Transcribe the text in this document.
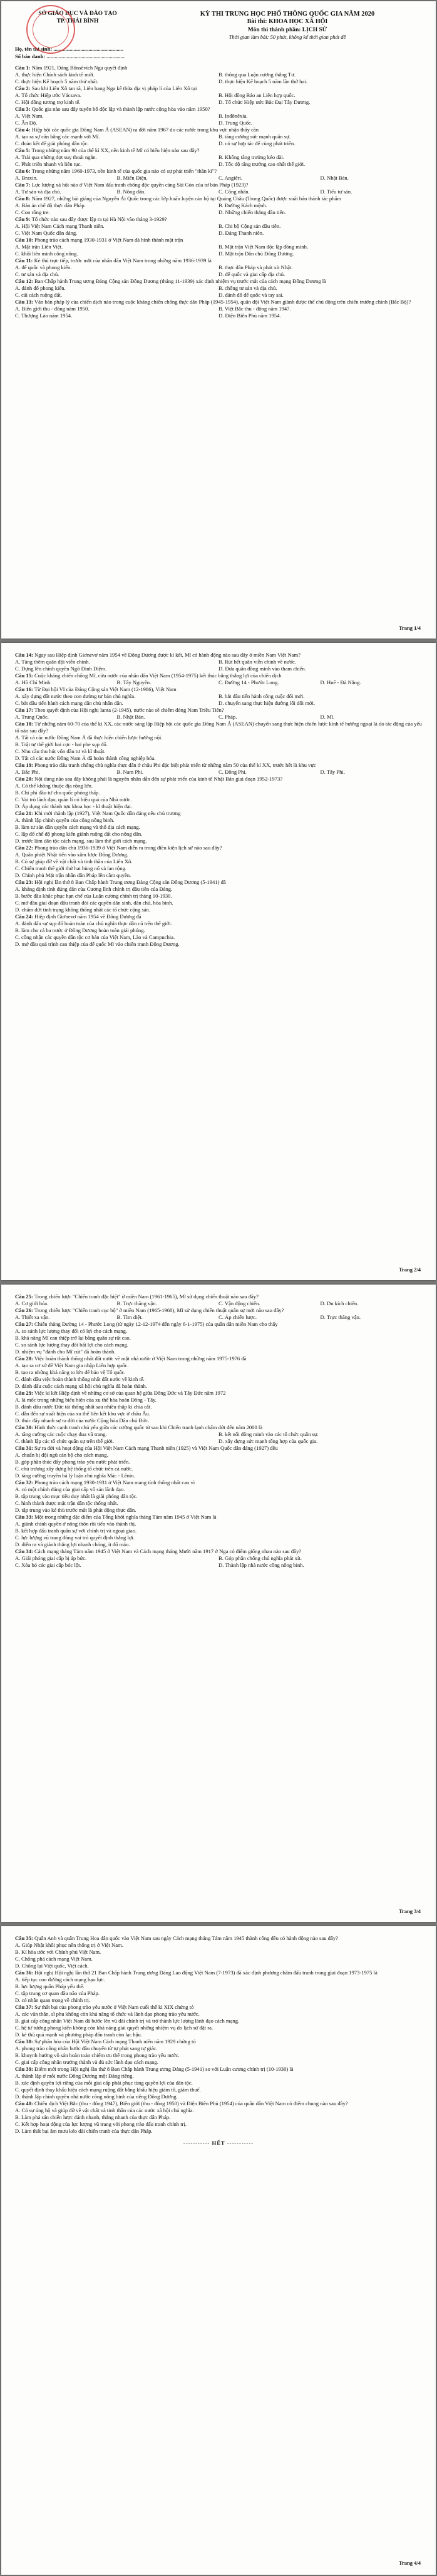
SỞ GIÁO DỤC VÀ ĐÀO TẠO
TP. THÁI BÌNH
KỲ THI TRUNG HỌC PHỔ THÔNG QUỐC GIA NĂM 2020
Bài thi: KHOA HỌC XÃ HỘI
Môn thi thành phần: LỊCH SỬ
Thời gian làm bài: 50 phút, không kể thời gian phát đề
Họ, tên thí sinh: ....................................................
Số báo danh: ..........................................................
Câu 1: Năm 1921, Đảng Bônsêvích Nga quyết định
A. thực hiện Chính sách kinh tế mới.	B. thông qua Luận cương thắng Tư.
C. thực hiện Kế hoạch 5 năm thứ nhất.	D. thực hiện Kế hoạch 5 năm lần thứ hai.
Câu 2: Sau khi Liên Xô tan rã, Liên bang Nga kế thừa địa vị pháp lí của Liên Xô tại
A. Tổ chức Hiệp ước Vácsava.	B. Hội đồng Bảo an Liên hợp quốc.
C. Hội đồng tương trợ kinh tế.	D. Tổ chức Hiệp ước Bắc Đại Tây Dương.
Câu 3: Quốc gia nào sau đây tuyên bố độc lập và thành lập nước cộng hòa vào năm 1950?
A. Việt Nam.	B. Inđônêxia.
C. Ấn Độ.	D. Trung Quốc.
Câu 4: Hiệp hội các quốc gia Đông Nam Á (ASEAN) ra đời năm 1967 do các nước trong khu vực nhận thấy cần
A. tạo ra sự cân bằng các mạnh với Mĩ.	B. tăng cường sức mạnh quân sự.
C. đoàn kết để giải phóng dân tộc.	D. có sự hợp tác để cùng phát triển.
Câu 5: Trong những năm 90 của thế kỉ XX, nền kinh tế Mĩ có biểu hiện nào sau đây?
A. Trải qua những đợt suy thoái ngắn.	B. Không tăng trưởng kéo dài.
C. Phát triển nhanh và liên tục.	D. Tốc độ tăng trưởng cao nhất thế giới.
Câu 6: Trong những năm 1960-1973, nền kinh tế của quốc gia nào có sự phát triển "thần kì"?
A. Braxin.	B. Miến Điện.	C. Angiêri.	D. Nhật Bản.
Câu 7: Lực lượng xã hội nào ở Việt Nam đấu tranh chống độc quyền cảng Sài Gòn của tư bản Pháp (1923)?
A. Tư sản và địa chủ.	B. Nông dân.	C. Công nhân.	D. Tiểu tư sản.
Câu 8: Năm 1927, những bài giảng của Nguyễn Ái Quốc trong các lớp huấn luyện cán bộ tại Quảng Châu (Trung Quốc) được xuất bản thành tác phẩm
A. Bản án chế độ thực dân Pháp.	B. Đường Kách mệnh.
C. Con rồng tre.	D. Những chiến thắng đầu tiên.
Câu 9: Tổ chức nào sau đây được lập ra tại Hà Nội vào tháng 3-1929?
A. Hội Việt Nam Cách mạng Thanh niên.	B. Chi bộ Cộng sản đầu tiên.
C. Việt Nam Quốc dân đảng.	D. Đảng Thanh niên.
Câu 10: Phong trào cách mạng 1930-1931 ở Việt Nam đã hình thành mặt trận
A. Mặt trận Liên Việt.	B. Mặt trận Việt Nam độc lập đồng minh.
C. khối liên minh công nông.	D. Mặt trận Dân chủ Đông Dương.
Câu 11: Kẻ thù trực tiếp, trước mắt của nhân dân Việt Nam trong những năm 1936-1939 là
A. đế quốc và phong kiến.	B. thực dân Pháp và phát xít Nhật.
C. tư sản và địa chủ.	D. đế quốc và giai cấp địa chủ.
Câu 12: Ban Chấp hành Trung ương Đảng Cộng sản Đông Dương (tháng 11-1939) xác định nhiệm vụ trước mắt của cách mạng Đông Dương là
A. đánh đổ phong kiến.	B. chống tư sản và địa chủ.
C. cải cách ruộng đất.	D. đánh đổ đế quốc và tay sai.
Câu 13: Văn bản pháp lý của chiến dịch nào trong cuộc kháng chiến chống thực dân Pháp (1945-1954), quân đội Việt Nam giành được thế chủ động trên chiến trường chính (Bắc Bộ)?
A. Biên giới thu - đông năm 1950.	B. Việt Bắc thu - đông năm 1947.
C. Thượng Lào năm 1954.	D. Điện Biên Phủ năm 1954.
Trang 1/4
Câu 14: Ngay sau Hiệp định Giơnevơ năm 1954 về Đông Dương được kí kết, Mĩ có hành động nào sau đây ở miền Nam Việt Nam?
A. Tăng thêm quân đội viễn chinh.	B. Rút hết quân viễn chinh về nước.
C. Dựng lên chính quyền Ngô Đình Diệm.	D. Đưa quân đồng minh vào tham chiến.
Câu 15: Cuộc kháng chiến chống Mĩ, cứu nước của nhân dân Việt Nam (1954-1975) kết thúc bằng thắng lợi của chiến dịch
A. Hồ Chí Minh.	B. Tây Nguyên.	C. Đường 14 - Phước Long.	D. Huế - Đà Nẵng.
Câu 16: Từ Đại hội VI của Đảng Cộng sản Việt Nam (12-1986), Việt Nam
A. xây dựng đất nước theo con đường tư bản chủ nghĩa.	B. bắt đầu tiến hành công cuộc đổi mới.
C. bắt đầu tiến hành cách mạng dân chủ nhân dân.	D. chuyển sang thực hiện đường lối đối mới.
Câu 17: Theo quyết định của Hội nghị Ianta (2-1945), nước nào sẽ chiếm đóng Nam Triều Tiên?
A. Trung Quốc.	B. Nhật Bản.	C. Pháp.	D. Mĩ.
Câu 18: Từ những năm 60-70 của thế kỉ XX, các nước sáng lập Hiệp hội các quốc gia Đông Nam Á (ASEAN) chuyển sang thực hiện chiến lược kinh tế hướng ngoại là do tác động của yếu tố nào sau đây?
A. Tất cả các nước Đông Nam Á đã thực hiện chiến lược hướng nội.
B. Trật tự thế giới hai cực - hai phe sụp đổ.
C. Nhu cầu thu hút vốn đầu tư và kĩ thuật.
D. Tất cả các nước Đông Nam Á đã hoàn thành công nghiệp hóa.
Câu 19: Phong trào đấu tranh chống chủ nghĩa thực dân ở châu Phi đặc biệt phát triển từ những năm 50 của thế kỉ XX, trước hết là khu vực
A. Bắc Phi.	B. Nam Phi.	C. Đông Phi.	D. Tây Phi.
Câu 20: Nội dung nào sau đây không phải là nguyên nhân dẫn đến sự phát triển của kinh tế Nhật Bản giai đoạn 1952-1973?
A. Có thể không thuộc địa rộng lớn.
B. Chi phí đầu tư cho quốc phòng thấp.
C. Vai trò lãnh đạo, quản lí có hiệu quả của Nhà nước.
D. Áp dụng các thành tựu khoa học - kĩ thuật hiện đại.
Câu 21: Khi mới thành lập (1927), Việt Nam Quốc dân đảng nêu chủ trương
A. thành lập chính quyền của công nông binh.
B. làm tư sản dân quyền cách mạng và thổ địa cách mạng.
C. lập đổ chế độ phong kiến giành ruộng đất cho nông dân.
D. trước làm dân tộc cách mạng, sau làm thế giới cách mạng.
Câu 22: Phong trào dân chủ 1936-1939 ở Việt Nam diễn ra trong điều kiện lịch sử nào sau đây?
A. Quân phiệt Nhật tiến vào xâm lược Đông Dương.
B. Có sự giúp đỡ về vật chất và tinh thần của Liên Xô.
C. Chiến tranh thế giới thứ hai bùng nổ và lan rộng.
D. Chính phủ Mặt trận nhân dân Pháp lên cầm quyền.
Câu 23: Hội nghị lần thứ 8 Ban Chấp hành Trung ương Đảng Cộng sản Đông Dương (5-1941) đã
A. khẳng định tính đúng đắn của Cương lĩnh chính trị đầu tiên của Đảng.
B. bước đầu khắc phục hạn chế của Luận cương chính trị tháng 10-1930.
C. mở đầu giai đoạn đấu tranh đòi các quyền dân sinh, dân chủ, hòa bình.
D. chấm dứt tình trạng không thống nhất các tổ chức cộng sản.
Câu 24: Hiệp định Giơnevơ năm 1954 về Đông Dương đã
A. đánh dấu sự sụp đổ hoàn toàn của chủ nghĩa thực dân cũ trên thế giới.
B. làm cho cả ba nước ở Đông Dương hoàn toàn giải phóng.
C. công nhận các quyền dân tộc cơ bản của Việt Nam, Lào và Campuchia.
D. mở đầu quá trình can thiệp của đế quốc Mĩ vào chiến tranh Đông Dương.
Trang 2/4
Câu 25: Trong chiến lược "Chiến tranh đặc biệt" ở miền Nam (1961-1965), Mĩ sử dụng chiến thuật nào sau đây?
A. Cơ giới hóa.	B. Trực thăng vận.	C. Vận động chiến.	D. Du kích chiến.
Câu 26: Trong chiến lược "Chiến tranh cục bộ" ở miền Nam (1965-1968), Mĩ sử dụng chiến thuật quân sự mới nào sau đây?
A. Thiết xa vận.	B. Tìm diệt.	C. Áp chiến lược.	D. Trực thăng vận.
Câu 27: Chiến thắng Đường 14 - Phước Long (từ ngày 12-12-1974 đến ngày 6-1-1975) của quân dân miền Nam cho thấy
A. so sánh lực lượng thay đổi có lợi cho cách mạng.
B. khả năng Mĩ can thiệp trở lại bằng quân sự rất cao.
C. so sánh lực lượng thay đổi bất lợi cho cách mạng.
D. nhiệm vụ "đánh cho Mĩ cút" đã hoàn thành.
Câu 28: Việc hoàn thành thống nhất đất nước về mặt nhà nước ở Việt Nam trong những năm 1975-1976 đã
A. tạo ra cơ sở để Việt Nam gia nhập Liên hợp quốc.
B. tạo ra những khả năng to lớn để bảo vệ Tổ quốc.
C. đánh dấu việc hoàn thành thống nhất đất nước về kinh tế.
D. đánh dấu cuộc cách mạng xã hội chủ nghĩa đã hoàn thành.
Câu 29: Việc kí kết Hiệp định về những cơ sở của quan hệ giữa Đông Đức và Tây Đức năm 1972
A. là mốc trong những biểu hiện của xu thế hòa hoãn Đông - Tây.
B. đánh dấu nước Đức tái thống nhất sau nhiều thập kỉ chia cắt.
C. dẫn đến sự xuất hiện của xu thế liên kết khu vực ở châu Âu.
D. thúc đẩy nhanh sự ra đời của nước Cộng hòa Dân chủ Đức.
Câu 30: Hình thức cạnh tranh chủ yếu giữa các cường quốc từ sau khi Chiến tranh lạnh chấm dứt đến năm 2000 là
A. tăng cường các cuộc chạy đua vũ trang.	B. kết nối đồng minh vào các tổ chức quân sự.
C. thành lập các tổ chức quân sự trên thế giới.	D. xây dựng sức mạnh tổng hợp của quốc gia.
Câu 31: Sự ra đời và hoạt động của Hội Việt Nam Cách mạng Thanh niên (1925) và Việt Nam Quốc dân đảng (1927) đều
A. chuẩn bị đội ngũ cán bộ cho cách mạng.
B. góp phần thúc đẩy phong trào yêu nước phát triển.
C. chủ trương xây dựng hệ thống tổ chức trên cả nước.
D. tăng cường truyền bá lý luận chủ nghĩa Mác - Lênin.
Câu 32: Phong trào cách mạng 1930-1931 ở Việt Nam mang tính thống nhất cao vì
A. có một chính đảng của giai cấp vô sản lãnh đạo.
B. tập trung vào mục tiêu duy nhất là giải phóng dân tộc.
C. hình thành được mặt trận dân tộc thống nhất.
D. tập trung vào kẻ thù trước mắt là phát động thực dân.
Câu 33: Một trong những đặc điểm của Tổng khởi nghĩa tháng Tám năm 1945 ở Việt Nam là
A. giành chính quyền ở nông thôn rồi tiến vào thành thị.
B. kết hợp đấu tranh quân sự với chính trị và ngoại giao.
C. lực lượng vũ trang đóng vai trò quyết định thắng lợi.
D. diễn ra và giành thắng lợi nhanh chóng, ít đổ máu.
Câu 34: Cách mạng tháng Tám năm 1945 ở Việt Nam và Cách mạng tháng Mười năm 1917 ở Nga có điểm giống nhau nào sau đây?
A. Giải phóng giai cấp bị áp bức.	B. Góp phần chống chủ nghĩa phát xít.
C. Xóa bỏ các giai cấp bóc lột.	D. Thành lập nhà nước công nông binh.
Trang 3/4
Câu 35: Quân Anh và quân Trung Hoa dân quốc vào Việt Nam sau ngày Cách mạng tháng Tám năm 1945 thành công đều có hành động nào sau đây?
A. Giúp Nhật khôi phục nền thống trị ở Việt Nam.
B. Kí hòa ước với Chính phủ Việt Nam.
C. Chống phá cách mạng Việt Nam.
D. Chống lại Việt quốc, Việt cách.
Câu 36: Hội nghị Hội nghị lần thứ 21 Ban Chấp hành Trung ương Đảng Lao động Việt Nam (7-1973) đã xác định phương châm đấu tranh trong giai đoạn 1973-1975 là
A. tiếp tục con đường cách mạng bạo lực.
B. lực lượng quân Pháp yếu thế.
C. tập trung cơ quan đầu não của Pháp.
D. có nhân quan trọng về chính trị.
Câu 37: Sự thất bại của phong trào yêu nước ở Việt Nam cuối thế kỉ XIX chứng tỏ
A. các văn thân, sĩ phu không còn khả năng tổ chức và lãnh đạo phong trào yêu nước.
B. giai cấp công nhân Việt Nam đã bước lên vũ đài chính trị và trở thành lực lượng lãnh đạo cách mạng.
C. hệ tư tưởng phong kiến không còn khả năng giải quyết những nhiệm vụ do lịch sử đặt ra.
D. kẻ thù quá mạnh và phương pháp đấu tranh còn lạc hậu.
Câu 38: Sự phân hóa của Hội Việt Nam Cách mạng Thanh niên năm 1929 chứng tỏ
A. phong trào công nhân bước đầu chuyển từ tự phát sang tự giác.
B. khuynh hướng vô sản hoàn toàn chiếm ưu thế trong phong trào yêu nước.
C. giai cấp công nhân trưởng thành và đủ sức lãnh đạo cách mạng.
Câu 39: Điểm mới trong Hội nghị lần thứ 8 Ban Chấp hành Trung ương Đảng (5-1941) so với Luận cương chính trị (10-1930) là
A. thành lập ở mỗi nước Đông Dương một Đảng riêng.
B. xác định quyền lợi riêng của mỗi giai cấp phải phục tùng quyền lợi của dân tộc.
C. quyết định thay khẩu hiệu cách mạng ruộng đất bằng khẩu hiệu giảm tô, giảm thuế.
D. thành lập chính quyền nhà nước công nông binh của riêng Đông Dương.
Câu 40: Chiến dịch Việt Bắc (thu - đông 1947), Biên giới (thu - đông 1950) và Điện Biên Phủ (1954) của quân dân Việt Nam có điểm chung nào sau đây?
A. Có sự ủng hộ và giúp đỡ về vật chất và tinh thần của các nước xã hội chủ nghĩa.
B. Làm phá sản chiến lược đánh nhanh, thắng nhanh của thực dân Pháp.
C. Kết hợp hoạt động của lực lượng vũ trang với phong trào đấu tranh chính trị.
D. Làm thất bại âm mưu kéo dài chiến tranh của thực dân Pháp.
----------- HẾT -----------
Trang 4/4
